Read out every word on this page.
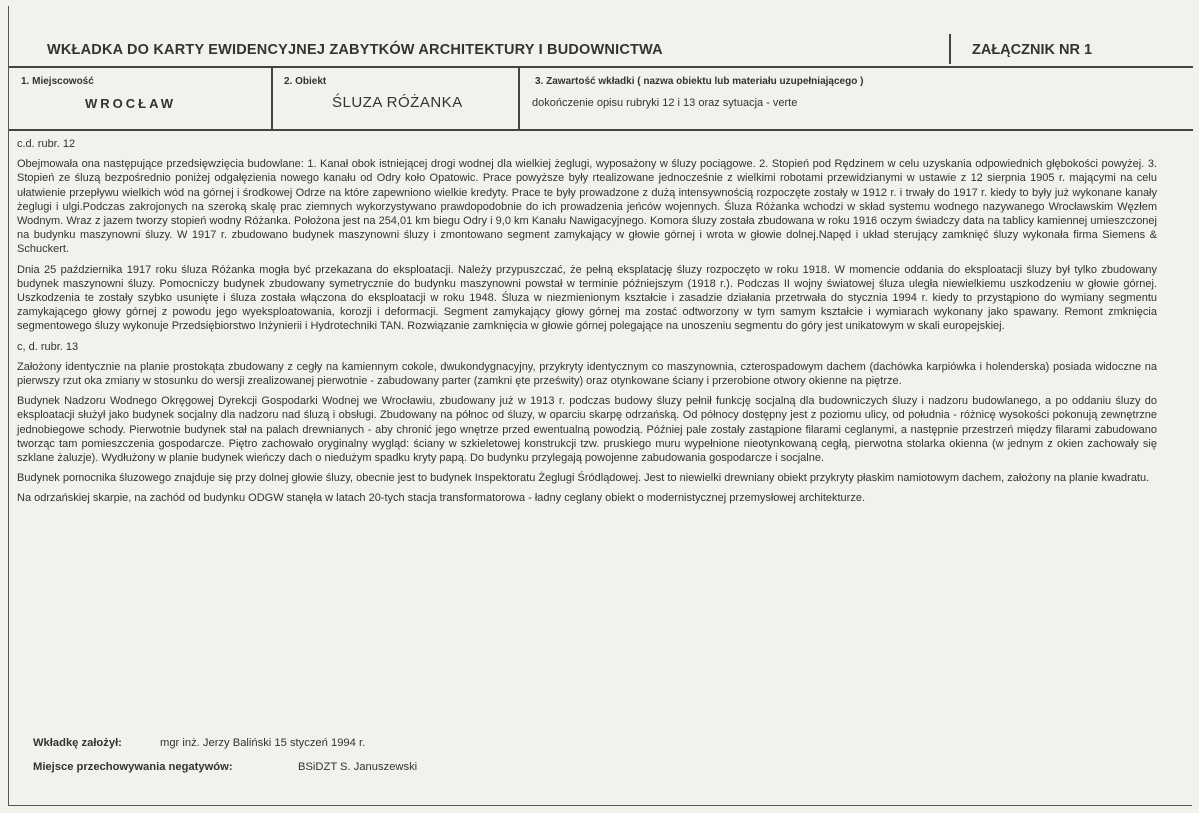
WKŁADKA DO KARTY EWIDENCYJNEJ ZABYTKÓW ARCHITEKTURY I BUDOWNICTWA	ZAŁĄCZNIK NR 1
1. Miejscowość
WROCŁAW
2. Obiekt
ŚLUZA RÓŻANKA
3. Zawartość wkładki ( nazwa obiektu lub materiału uzupełniającego )
dokończenie opisu rubryki 12 i 13 oraz sytuacja - verte

c.d. rubr. 12

Obejmowała ona następujące przedsięwzięcia budowlane: 1. Kanał obok istniejącej drogi wodnej dla wielkiej żeglugi, wyposażony w śluzy pociągowe. 2. Stopień pod Rędzinem w celu uzyskania odpowiednich głębokości powyżej. 3. Stopień ze śluzą bezpośrednio poniżej odgałęzienia nowego kanału od Odry koło Opatowic. Prace powyższe były rtealizowane jednocześnie z wielkimi robotami przewidzianymi w ustawie z 12 sierpnia 1905 r. mającymi na celu ułatwienie przepływu wielkich wód na górnej i środkowej Odrze na które zapewniono wielkie kredyty. Prace te były prowadzone z dużą intensywnością rozpoczęte zostały w 1912 r. i trwały do 1917 r. kiedy to były już wykonane kanały żeglugi i ulgi.Podczas zakrojonych na szeroką skalę prac ziemnych wykorzystywano prawdopodobnie do ich prowadzenia jeńców wojennych. Śluza Różanka wchodzi w skład systemu wodnego nazywanego Wrocławskim Węzłem Wodnym. Wraz z jazem tworzy stopień wodny Różanka. Położona jest na 254,01 km biegu Odry i 9,0 km Kanału Nawigacyjnego. Komora śluzy została zbudowana w roku 1916 oczym świadczy data na tablicy kamiennej umieszczonej na budynku maszynowni śluzy. W 1917 r. zbudowano budynek maszynowni śluzy i zmontowano segment zamykający w głowie górnej i wrota w głowie dolnej.Napęd i układ sterujący zamknięć śluzy wykonała firma Siemens & Schuckert.

Dnia 25 października 1917 roku śluza Różanka mogła być przekazana do eksploatacji. Należy przypuszczać, że pełną eksplatację śluzy rozpoczęto w roku 1918. W momencie oddania do eksploatacji śluzy był tylko zbudowany budynek maszynowni śluzy. Pomocniczy budynek zbudowany symetrycznie do budynku maszynowni powstał w terminie późniejszym (1918 r.). Podczas II wojny światowej śluza uległa niewielkiemu uszkodzeniu w głowie górnej. Uszkodzenia te zostały szybko usunięte i śluza została włączona do eksploatacji w roku 1948. Śluza w niezmienionym kształcie i zasadzie działania przetrwała do stycznia 1994 r. kiedy to przystąpiono do wymiany segmentu zamykającego głowy górnej z powodu jego wyeksploatowania, korozji i deformacji. Segment zamykający głowy górnej ma zostać odtworzony w tym samym kształcie i wymiarach wykonany jako spawany. Remont zmknięcia segmentowego śluzy wykonuje Przedsiębiorstwo Inżynierii i Hydrotechniki TAN. Rozwiązanie zamknięcia w głowie górnej polegające na unoszeniu segmentu do góry jest unikatowym w skali europejskiej.

c, d. rubr. 13

Założony identycznie na planie prostokąta zbudowany z cegły na kamiennym cokole, dwukondygnacyjny, przykryty identycznym co maszynownia, czterospadowym dachem (dachówka karpiówka i holenderska) posiada widoczne na pierwszy rzut oka zmiany w stosunku do wersji zrealizowanej pierwotnie - zabudowany parter (zamkni ęte prześwity) oraz otynkowane ściany i przerobione otwory okienne na piętrze.

Budynek Nadzoru Wodnego Okręgowej Dyrekcji Gospodarki Wodnej we Wrocławiu, zbudowany już w 1913 r. podczas budowy śluzy pełnił funkcję socjalną dla budowniczych śluzy i nadzoru budowlanego, a po oddaniu śluzy do eksploatacji służył jako budynek socjalny dla nadzoru nad śluzą i obsługi. Zbudowany na północ od śluzy, w oparciu skarpę odrzańską. Od północy dostępny jest z poziomu ulicy, od południa - różnicę wysokości pokonują zewnętrzne jednobiegowe schody. Pierwotnie budynek stał na palach drewnianych - aby chronić jego wnętrze przed ewentualną powodzią. Później pale zostały zastąpione filarami ceglanymi, a następnie przestrzeń między filarami zabudowano tworząc tam pomieszczenia gospodarcze. Piętro zachowało oryginalny wygląd: ściany w szkieletowej konstrukcji tzw. pruskiego muru wypełnione nieotynkowaną cegłą, pierwotna stolarka okienna (w jednym z okien zachowały się szklane żaluzje). Wydłużony w planie budynek wieńczy dach o niedużym spadku kryty papą. Do budynku przylegają powojenne zabudowania gospodarcze i socjalne.

Budynek pomocnika śluzowego znajduje się przy dolnej głowie śluzy, obecnie jest to budynek Inspektoratu Żeglugi Śródlądowej. Jest to niewielki drewniany obiekt przykryty płaskim namiotowym dachem, założony na planie kwadratu.

Na odrzańskiej skarpie, na zachód od budynku ODGW stanęła w latach 20-tych stacja transformatorowa - ładny ceglany obiekt o modernistycznej przemysłowej architekturze.

Wkładkę założył:	mgr inż. Jerzy Baliński 15 styczeń 1994 r.
Miejsce przechowywania negatywów:	BSiDZT S. Januszewski
